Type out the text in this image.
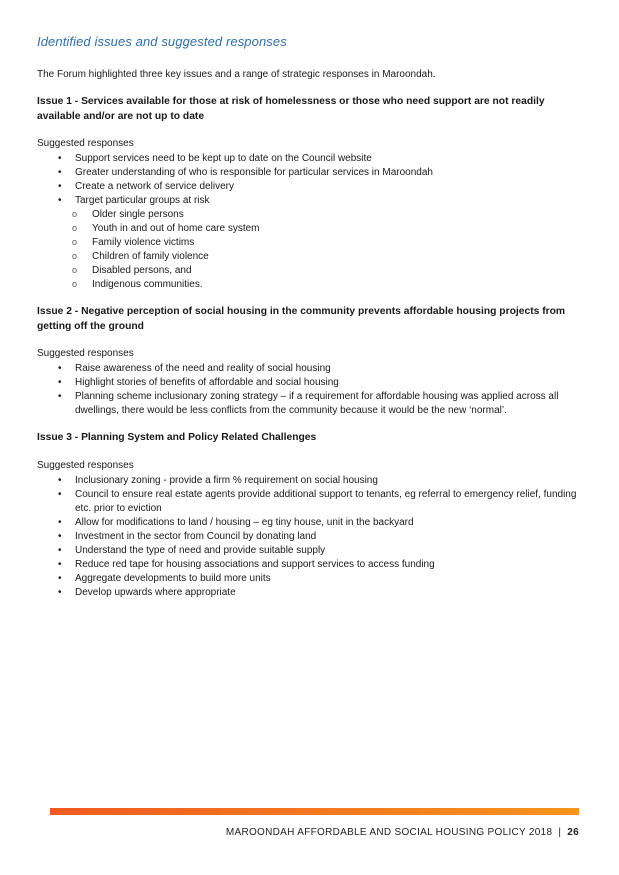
Identified issues and suggested responses

The Forum highlighted three key issues and a range of strategic responses in Maroondah.

Issue 1 - Services available for those at risk of homelessness or those who need support are not readily available and/or are not up to date

Suggested responses

• Support services need to be kept up to date on the Council website
• Greater understanding of who is responsible for particular services in Maroondah
• Create a network of service delivery
• Target particular groups at risk
o Older single persons
o Youth in and out of home care system
o Family violence victims
o Children of family violence
o Disabled persons, and
o Indigenous communities.

Issue 2 - Negative perception of social housing in the community prevents affordable housing projects from getting off the ground

Suggested responses

• Raise awareness of the need and reality of social housing
• Highlight stories of benefits of affordable and social housing
• Planning scheme inclusionary zoning strategy – if a requirement for affordable housing was applied across all dwellings, there would be less conflicts from the community because it would be the new ‘normal’.

Issue 3 - Planning System and Policy Related Challenges

Suggested responses

• Inclusionary zoning - provide a firm % requirement on social housing
• Council to ensure real estate agents provide additional support to tenants, eg referral to emergency relief, funding etc. prior to eviction
• Allow for modifications to land / housing – eg tiny house, unit in the backyard
• Investment in the sector from Council by donating land
• Understand the type of need and provide suitable supply
• Reduce red tape for housing associations and support services to access funding
• Aggregate developments to build more units
• Develop upwards where appropriate
MAROONDAH AFFORDABLE AND SOCIAL HOUSING POLICY 2018 | 26
